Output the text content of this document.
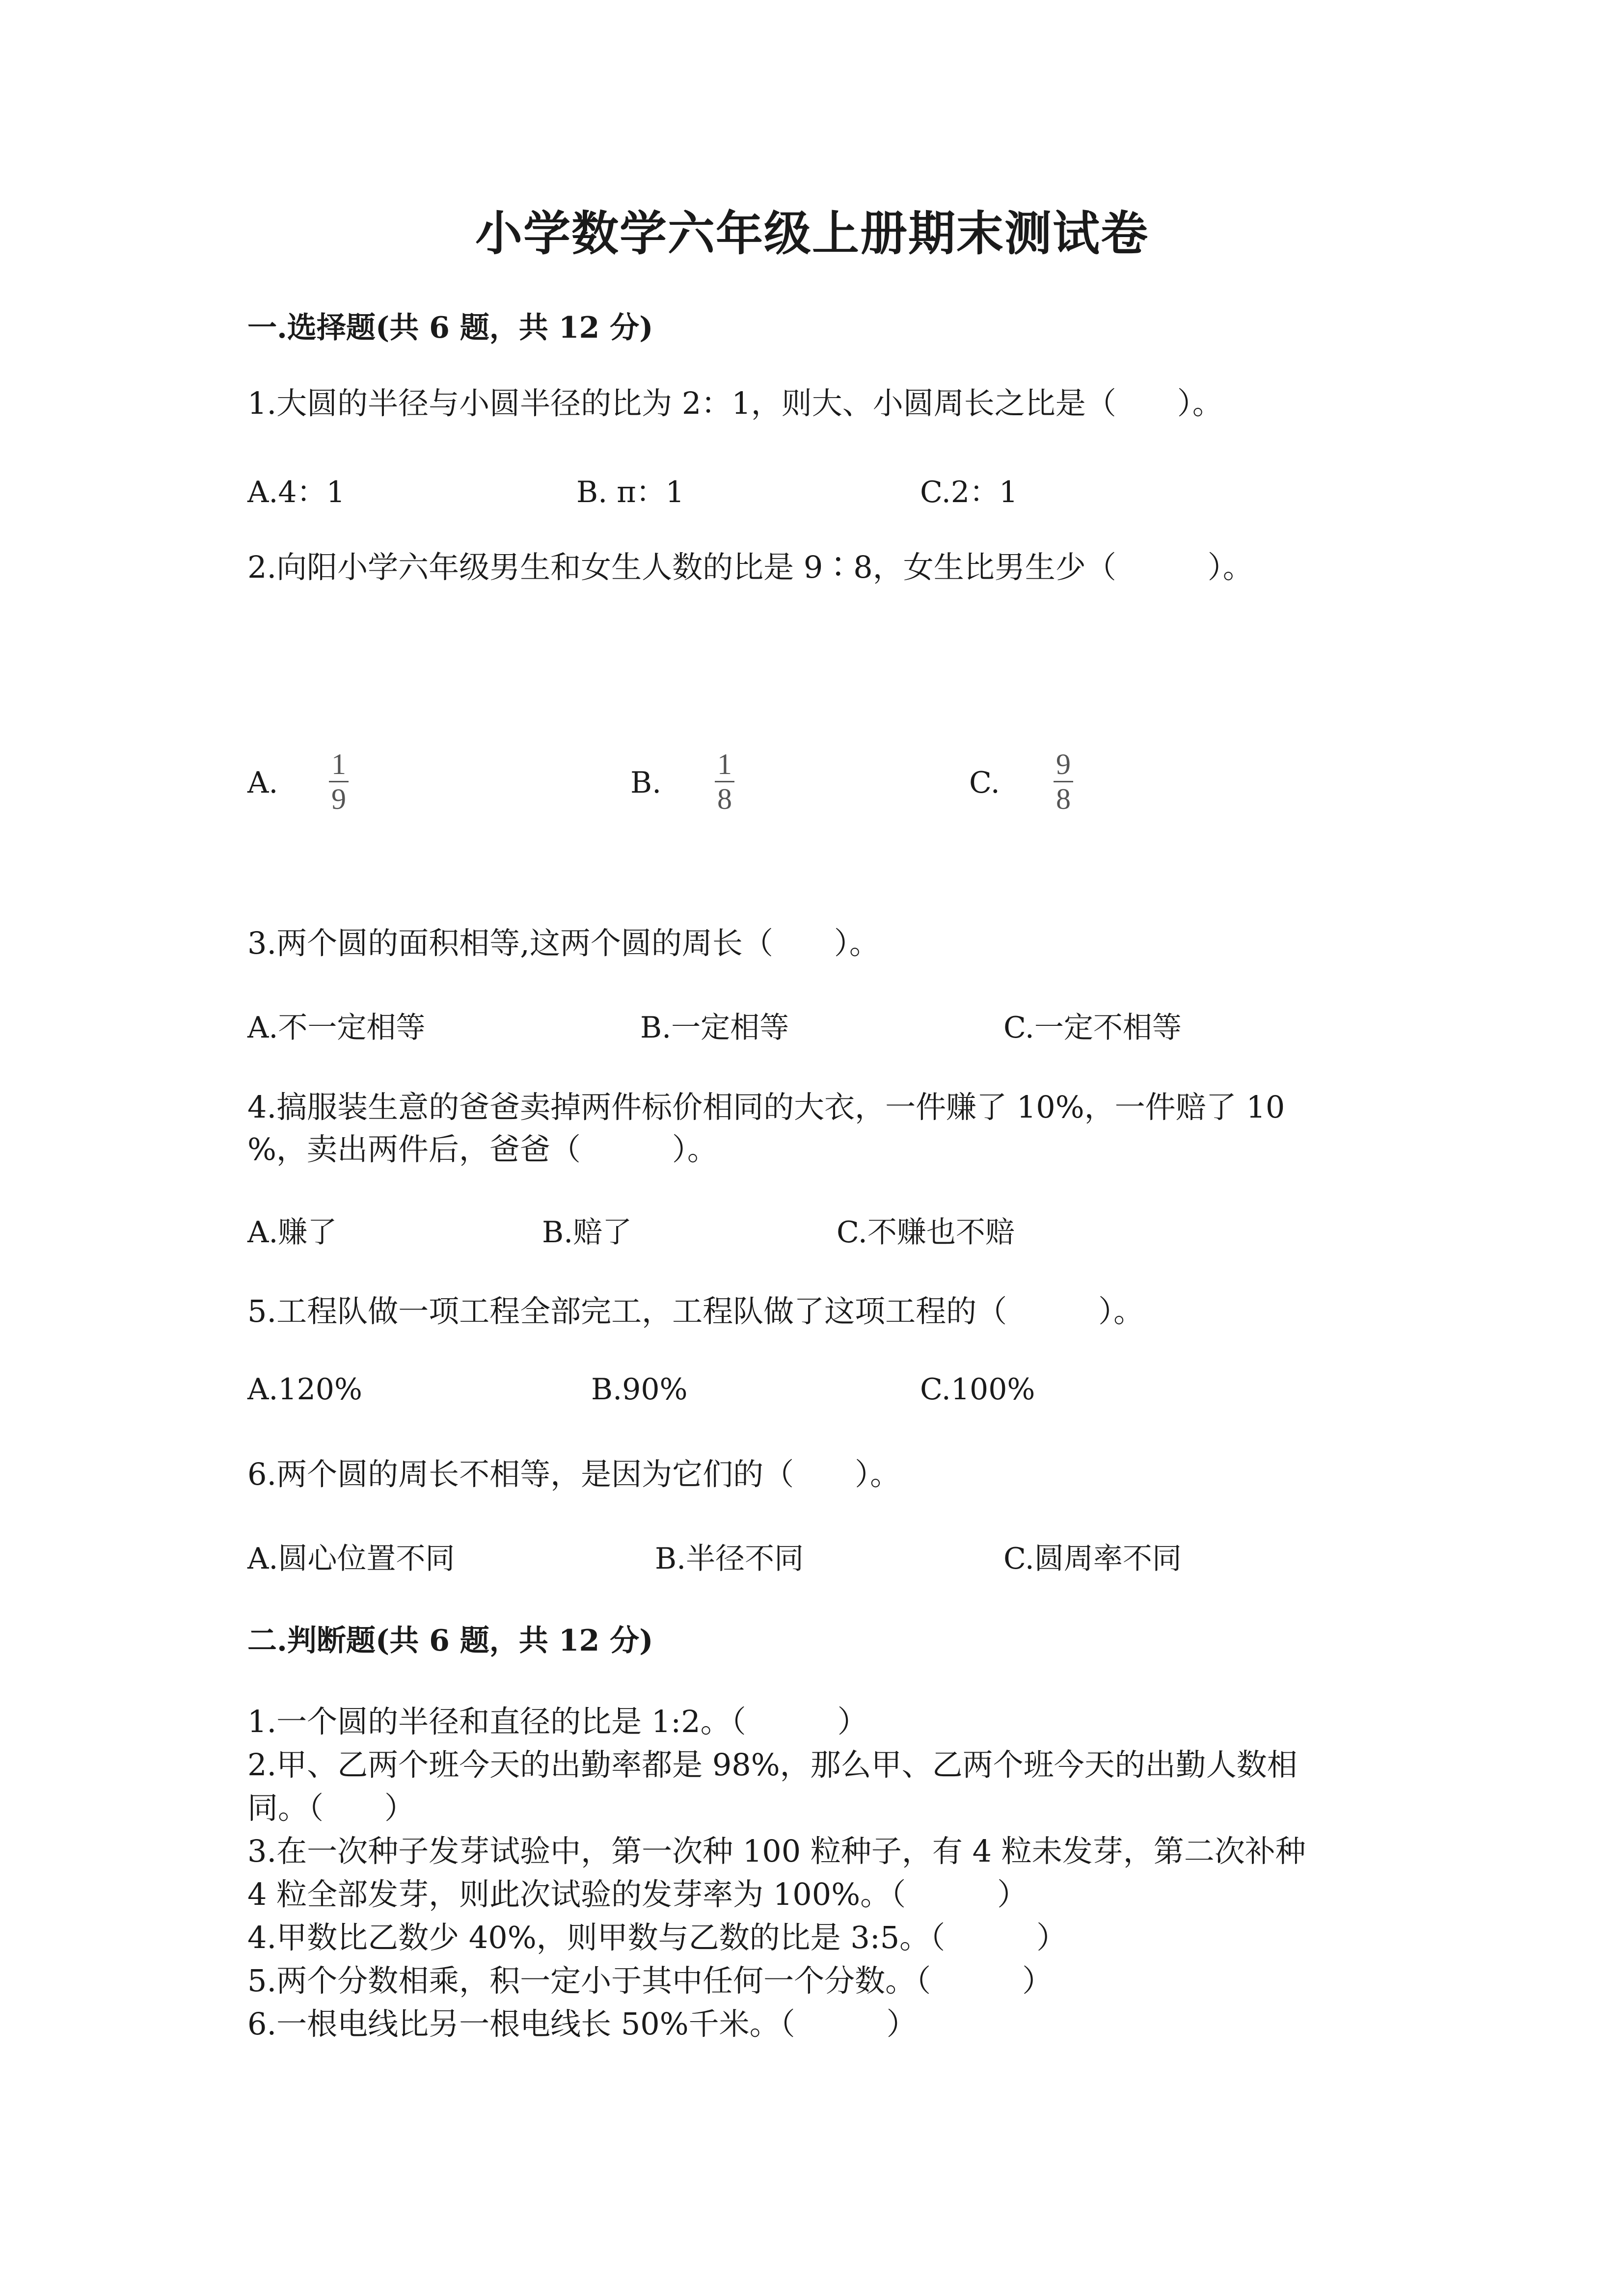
小学数学六年级上册期末测试卷
一.选择题(共 6 题，共 12 分)
1.大圆的半径与小圆半径的比为 2：1，则大、小圆周长之比是（　　）。
A.4：1	B. π：1	C.2：1
2.向阳小学六年级男生和女生人数的比是 9∶8，女生比男生少（　　　）。
A.
1
9	B.
1
8	C.
9
8
3.两个圆的面积相等,这两个圆的周长（　　）。
A.不一定相等	B.一定相等	C.一定不相等
4.搞服装生意的爸爸卖掉两件标价相同的大衣，一件赚了 10%，一件赔了 10
%，卖出两件后，爸爸（　　　）。
A.赚了	B.赔了	C.不赚也不赔
5.工程队做一项工程全部完工，工程队做了这项工程的（　　　）。
A.120%	B.90%	C.100%
6.两个圆的周长不相等，是因为它们的（　　）。
A.圆心位置不同	B.半径不同	C.圆周率不同
二.判断题(共 6 题，共 12 分)
1.一个圆的半径和直径的比是 1:2。（　　　）
2.甲、乙两个班今天的出勤率都是 98%，那么甲、乙两个班今天的出勤人数相
同。（　　）
3.在一次种子发芽试验中，第一次种 100 粒种子，有 4 粒未发芽，第二次补种
4 粒全部发芽，则此次试验的发芽率为 100%。（　　　）
4.甲数比乙数少 40%，则甲数与乙数的比是 3:5。（　　　）
5.两个分数相乘，积一定小于其中任何一个分数。（　　　）
6.一根电线比另一根电线长 50%千米。（　　　）
